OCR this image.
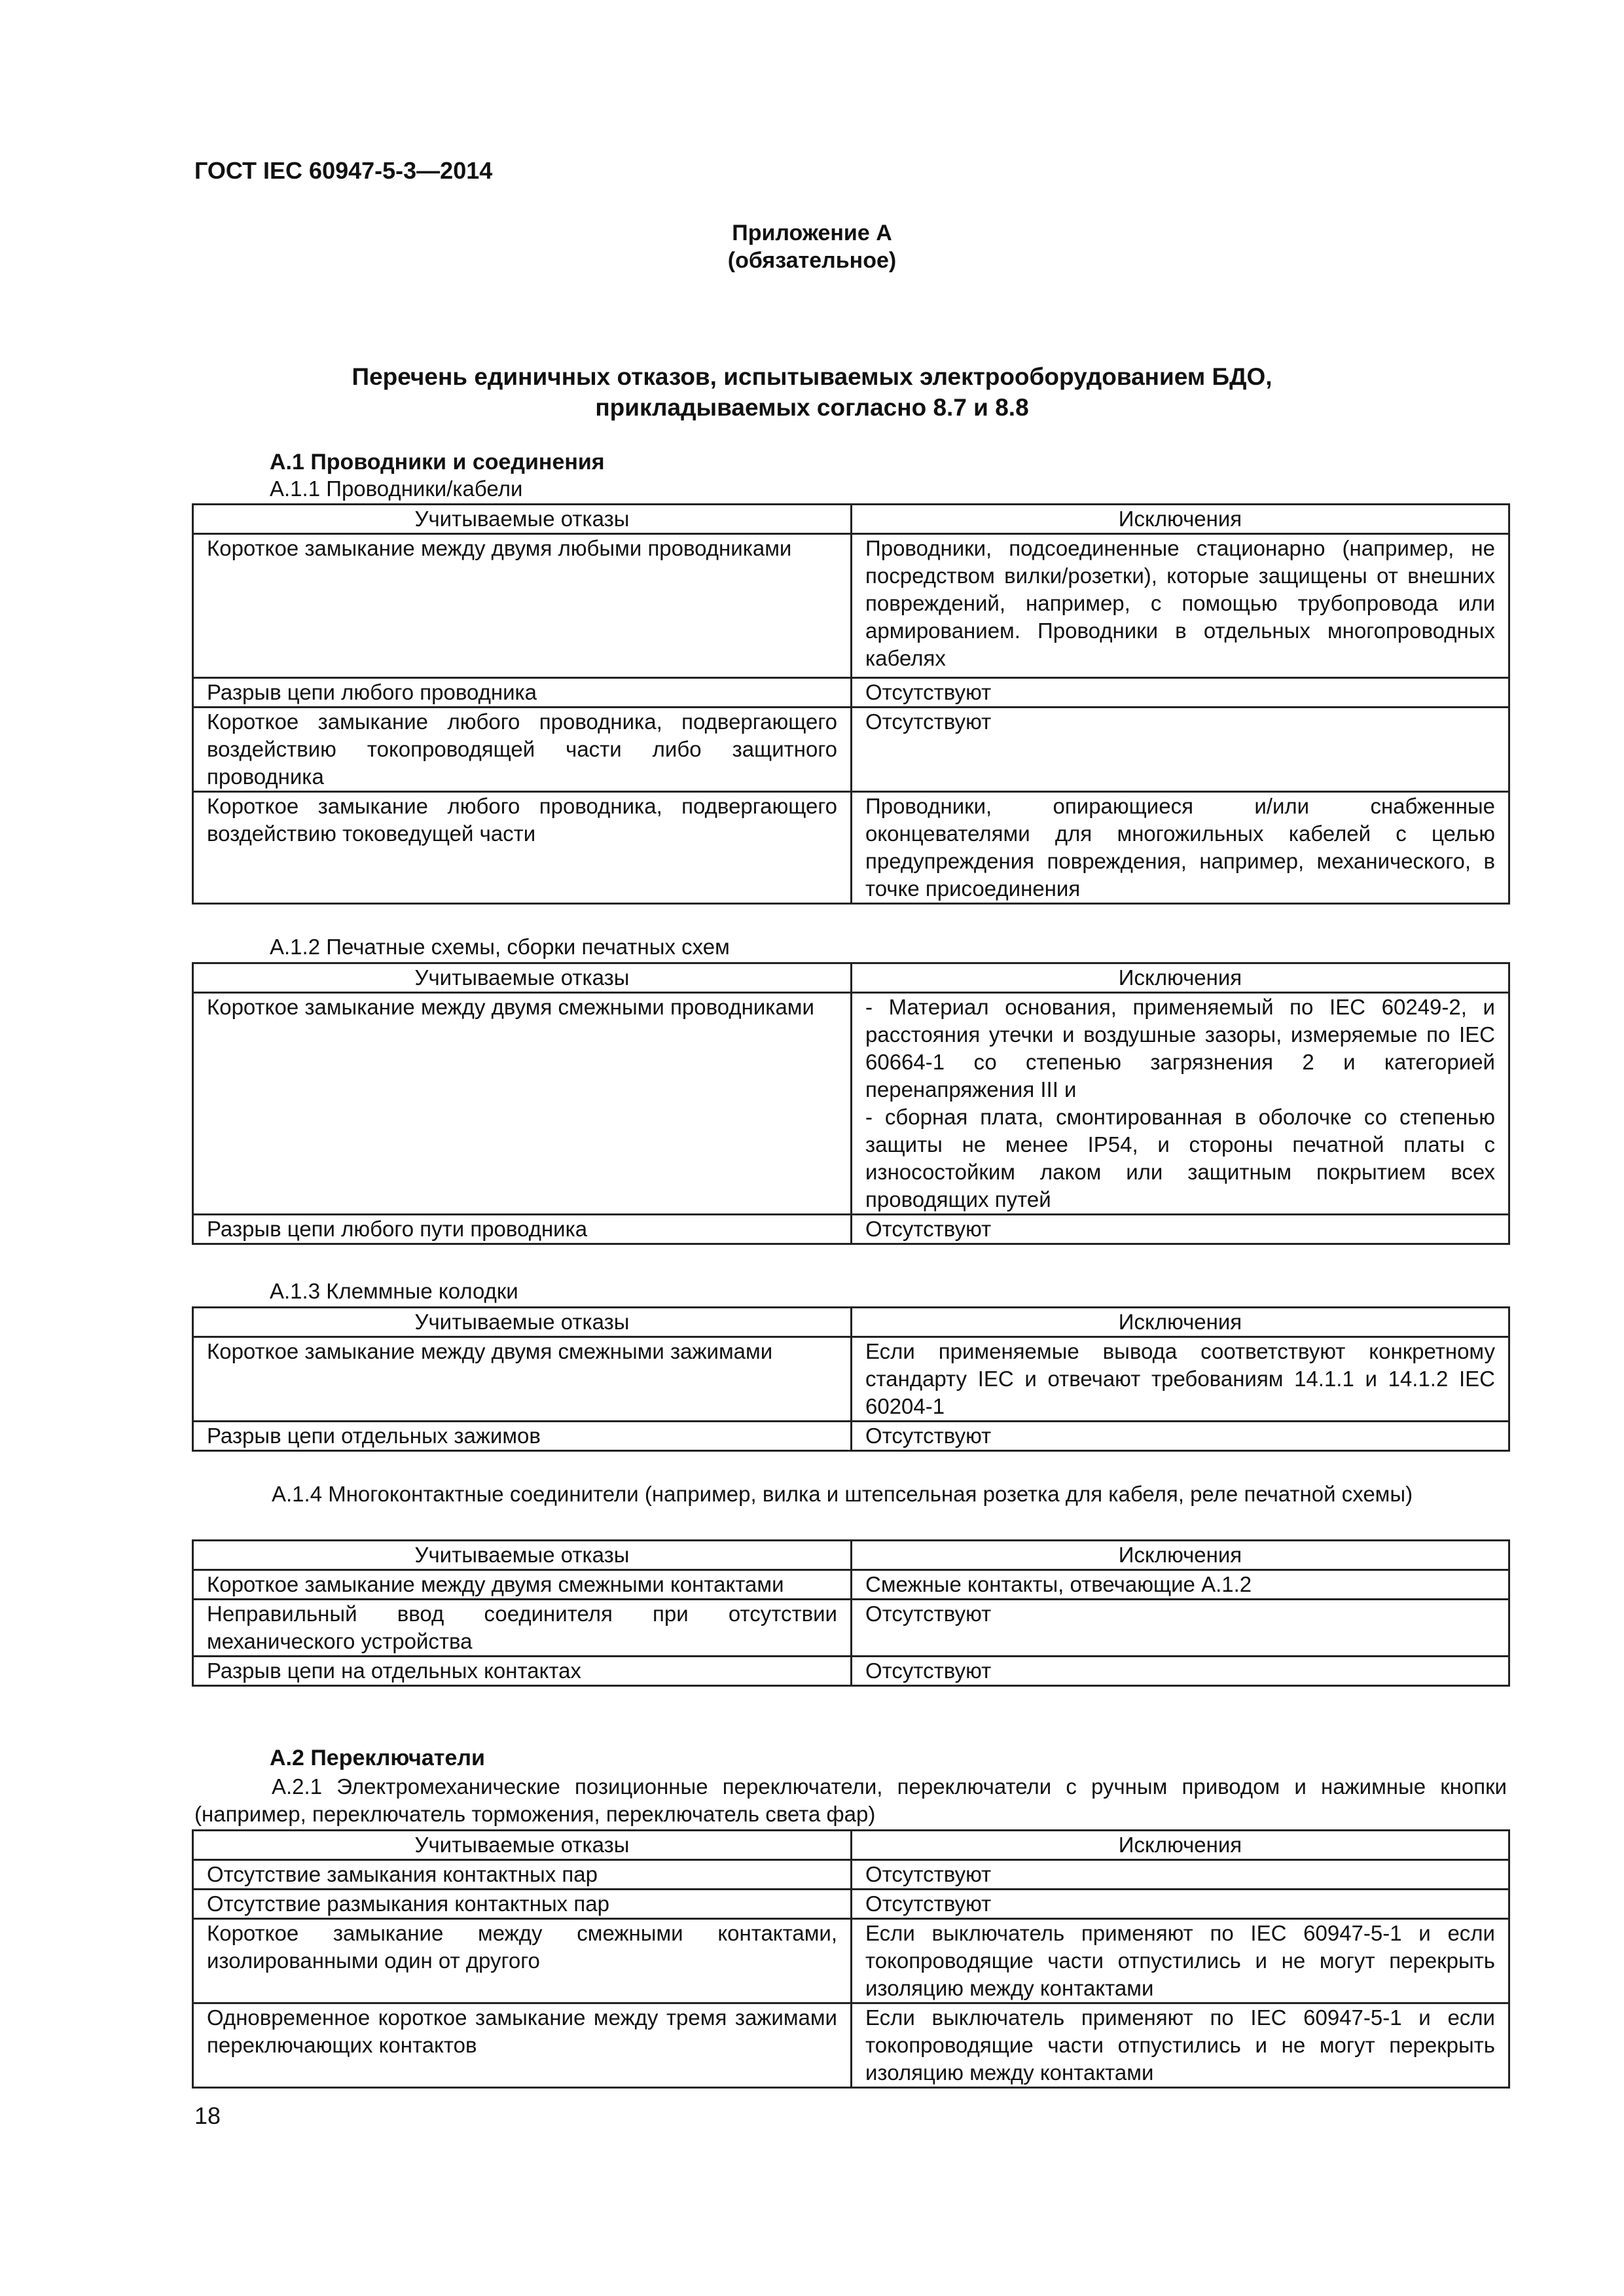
ГОСТ IEC 60947-5-3—2014
Приложение А
(обязательное)
Перечень единичных отказов, испытываемых электрооборудованием БДО,
прикладываемых согласно 8.7 и 8.8
А.1 Проводники и соединения
А.1.1 Проводники/кабели
Учитываемые отказы	Исключения
Короткое замыкание между двумя любыми проводниками	Проводники, подсоединенные стационарно (например, не посредством вилки/розетки), которые защищены от внешних повреждений, например, с помощью трубопровода или армированием. Проводники в отдельных многопроводных кабелях
Разрыв цепи любого проводника	Отсутствуют
Короткое замыкание любого проводника, подвергающего воздействию токопроводящей части либо защитного проводника	Отсутствуют
Короткое замыкание любого проводника, подвергающего воздействию токоведущей части	Проводники, опирающиеся и/или снабженные оконцевателями для многожильных кабелей с целью предупреждения повреждения, например, механического, в точке присоединения
А.1.2 Печатные схемы, сборки печатных схем
Учитываемые отказы	Исключения
Короткое замыкание между двумя смежными проводниками	- Материал основания, применяемый по IEC 60249-2, и расстояния утечки и воздушные зазоры, измеряемые по IEC 60664-1 со степенью загрязнения 2 и категорией перенапряжения III и
- сборная плата, смонтированная в оболочке со степенью защиты не менее IP54, и стороны печатной платы с износостойким лаком или защитным покрытием всех проводящих путей

Разрыв цепи любого пути проводника	Отсутствуют
А.1.3 Клеммные колодки
Учитываемые отказы	Исключения
Короткое замыкание между двумя смежными зажимами	Если применяемые вывода соответствуют конкретному стандарту IEC и отвечают требованиям 14.1.1 и 14.1.2 IEC 60204-1
Разрыв цепи отдельных зажимов	Отсутствуют
А.1.4 Многоконтактные соединители (например, вилка и штепсельная розетка для кабеля, реле печатной схемы)
Учитываемые отказы	Исключения
Короткое замыкание между двумя смежными контактами	Смежные контакты, отвечающие А.1.2
Неправильный ввод соединителя при отсутствии механического устройства	Отсутствуют
Разрыв цепи на отдельных контактах	Отсутствуют
А.2 Переключатели
А.2.1 Электромеханические позиционные переключатели, переключатели с ручным приводом и нажимные кнопки (например, переключатель торможения, переключатель света фар)
Учитываемые отказы	Исключения
Отсутствие замыкания контактных пар	Отсутствуют
Отсутствие размыкания контактных пар	Отсутствуют
Короткое замыкание между смежными контактами, изолированными один от другого	Если выключатель применяют по IEC 60947-5-1 и если токопроводящие части отпустились и не могут перекрыть изоляцию между контактами
Одновременное короткое замыкание между тремя зажимами переключающих контактов	Если выключатель применяют по IEC 60947-5-1 и если токопроводящие части отпустились и не могут перекрыть изоляцию между контактами
18
